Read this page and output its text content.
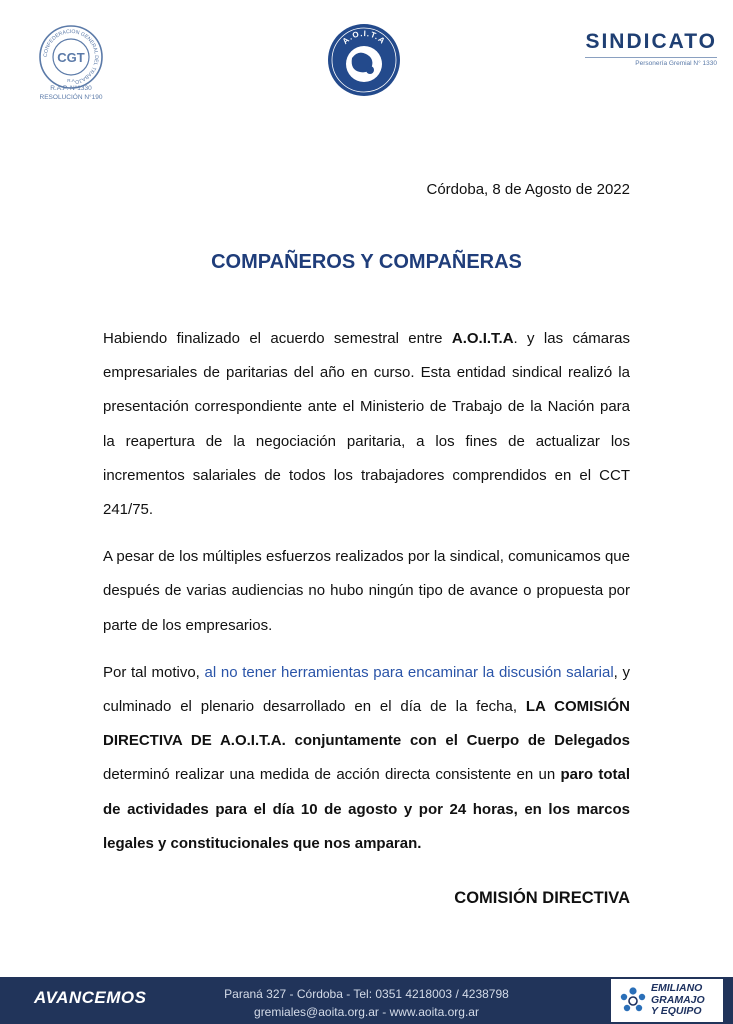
CONFEDERACION GENERAL DEL TRABAJO
CGT
R.A
R.A.P. N°1330
RESOLUCIÓN N°190
A.O.I.T.A	SINDICATO
Personería Gremial N° 1330
Córdoba, 8 de Agosto de 2022
COMPAÑEROS Y COMPAÑERAS

Habiendo finalizado el acuerdo semestral entre A.O.I.T.A. y las cámaras empresariales de paritarias del año en curso. Esta entidad sindical realizó la presentación correspondiente ante el Ministerio de Trabajo de la Nación para la reapertura de la negociación paritaria, a los fines de actualizar los incrementos salariales de todos los trabajadores comprendidos en el CCT 241/75.

A pesar de los múltiples esfuerzos realizados por la sindical, comunicamos que después de varias audiencias no hubo ningún tipo de avance o propuesta por parte de los empresarios.

Por tal motivo, al no tener herramientas para encaminar la discusión salarial, y culminado el plenario desarrollado en el día de la fecha, LA COMISIÓN DIRECTIVA DE A.O.I.T.A. conjuntamente con el Cuerpo de Delegados determinó realizar una medida de acción directa consistente en un paro total de actividades para el día 10 de agosto y por 24 horas, en los marcos legales y constitucionales que nos amparan.

COMISIÓN DIRECTIVA
AVANCEMOS	Paraná 327 - Córdoba - Tel: 0351 4218003 / 4238798
gremiales@aoita.org.ar - www.aoita.org.ar
EMILIANO
GRAMAJO
Y EQUIPO
